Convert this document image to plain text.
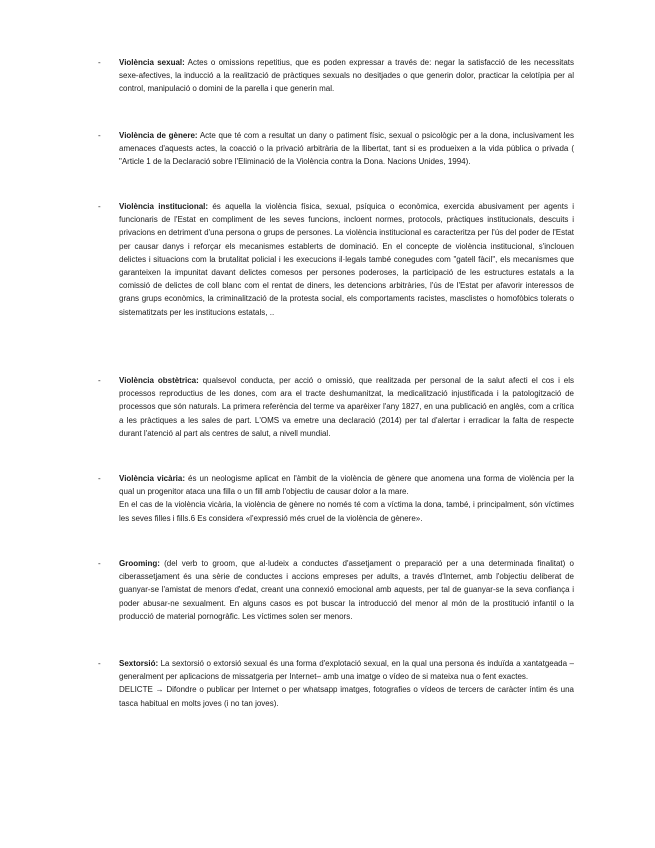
- Violència sexual: Actes o omissions repetitius, que es poden expressar a través de: negar la satisfacció de les necessitats sexe-afectives, la inducció a la realització de pràctiques sexuals no desitjades o que generin dolor, practicar la celotípia per al control, manipulació o domini de la parella i que generin mal.
- Violència de gènere: Acte que té com a resultat un dany o patiment físic, sexual o psicològic per a la dona, inclusivament les amenaces d'aquests actes, la coacció o la privació arbitrària de la llibertat, tant si es produeixen a la vida pública o privada ( "Article 1 de la Declaració sobre l'Eliminació de la Violència contra la Dona. Nacions Unides, 1994).
- Violència institucional: és aquella la violència física, sexual, psíquica o econòmica, exercida abusivament per agents i funcionaris de l'Estat en compliment de les seves funcions, incloent normes, protocols, pràctiques institucionals, descuits i privacions en detriment d'una persona o grups de persones. La violència institucional es caracteritza per l'ús del poder de l'Estat per causar danys i reforçar els mecanismes establerts de dominació. En el concepte de violència institucional, s'inclouen delictes i situacions com la brutalitat policial i les execucions il·legals també conegudes com "gatell fàcil", els mecanismes que garanteixen la impunitat davant delictes comesos per persones poderoses, la participació de les estructures estatals a la comissió de delictes de coll blanc com el rentat de diners, les detencions arbitràries, l'ús de l'Estat per afavorir interessos de grans grups econòmics, la criminalització de la protesta social, els comportaments racistes, masclistes o homofòbics tolerats o sistematitzats per les institucions estatals, ..
- Violència obstètrica: qualsevol conducta, per acció o omissió, que realitzada per personal de la salut afecti el cos i els processos reproductius de les dones, com ara el tracte deshumanitzat, la medicalització injustificada i la patologització de processos que són naturals. La primera referència del terme va aparèixer l'any 1827, en una publicació en anglès, com a crítica a les pràctiques a les sales de part. L'OMS va emetre una declaració (2014) per tal d'alertar i erradicar la falta de respecte durant l'atenció al part als centres de salut, a nivell mundial.
- Violència vicària: és un neologisme aplicat en l'àmbit de la violència de gènere que anomena una forma de violència per la qual un progenitor ataca una filla o un fill amb l'objectiu de causar dolor a la mare.
En el cas de la violència vicària, la violència de gènere no només té com a víctima la dona, també, i principalment, són víctimes les seves filles i fills.6 Es considera «l'expressió més cruel de la violència de gènere».
- Grooming: (del verb to groom, que al·ludeix a conductes d'assetjament o preparació per a una determinada finalitat) o ciberassetjament és una sèrie de conductes i accions empreses per adults, a través d'Internet, amb l'objectiu deliberat de guanyar-se l'amistat de menors d'edat, creant una connexió emocional amb aquests, per tal de guanyar-se la seva confiança i poder abusar-ne sexualment. En alguns casos es pot buscar la introducció del menor al món de la prostitució infantil o la producció de material pornogràfic. Les víctimes solen ser menors.
- Sextorsió: La sextorsió o extorsió sexual és una forma d'explotació sexual, en la qual una persona és induïda a xantatgeada –generalment per aplicacions de missatgeria per Internet– amb una imatge o vídeo de si mateixa nua o fent exactes.
DELICTE → Difondre o publicar per Internet o per whatsapp imatges, fotografies o vídeos de tercers de caràcter íntim és una tasca habitual en molts joves (i no tan joves).
